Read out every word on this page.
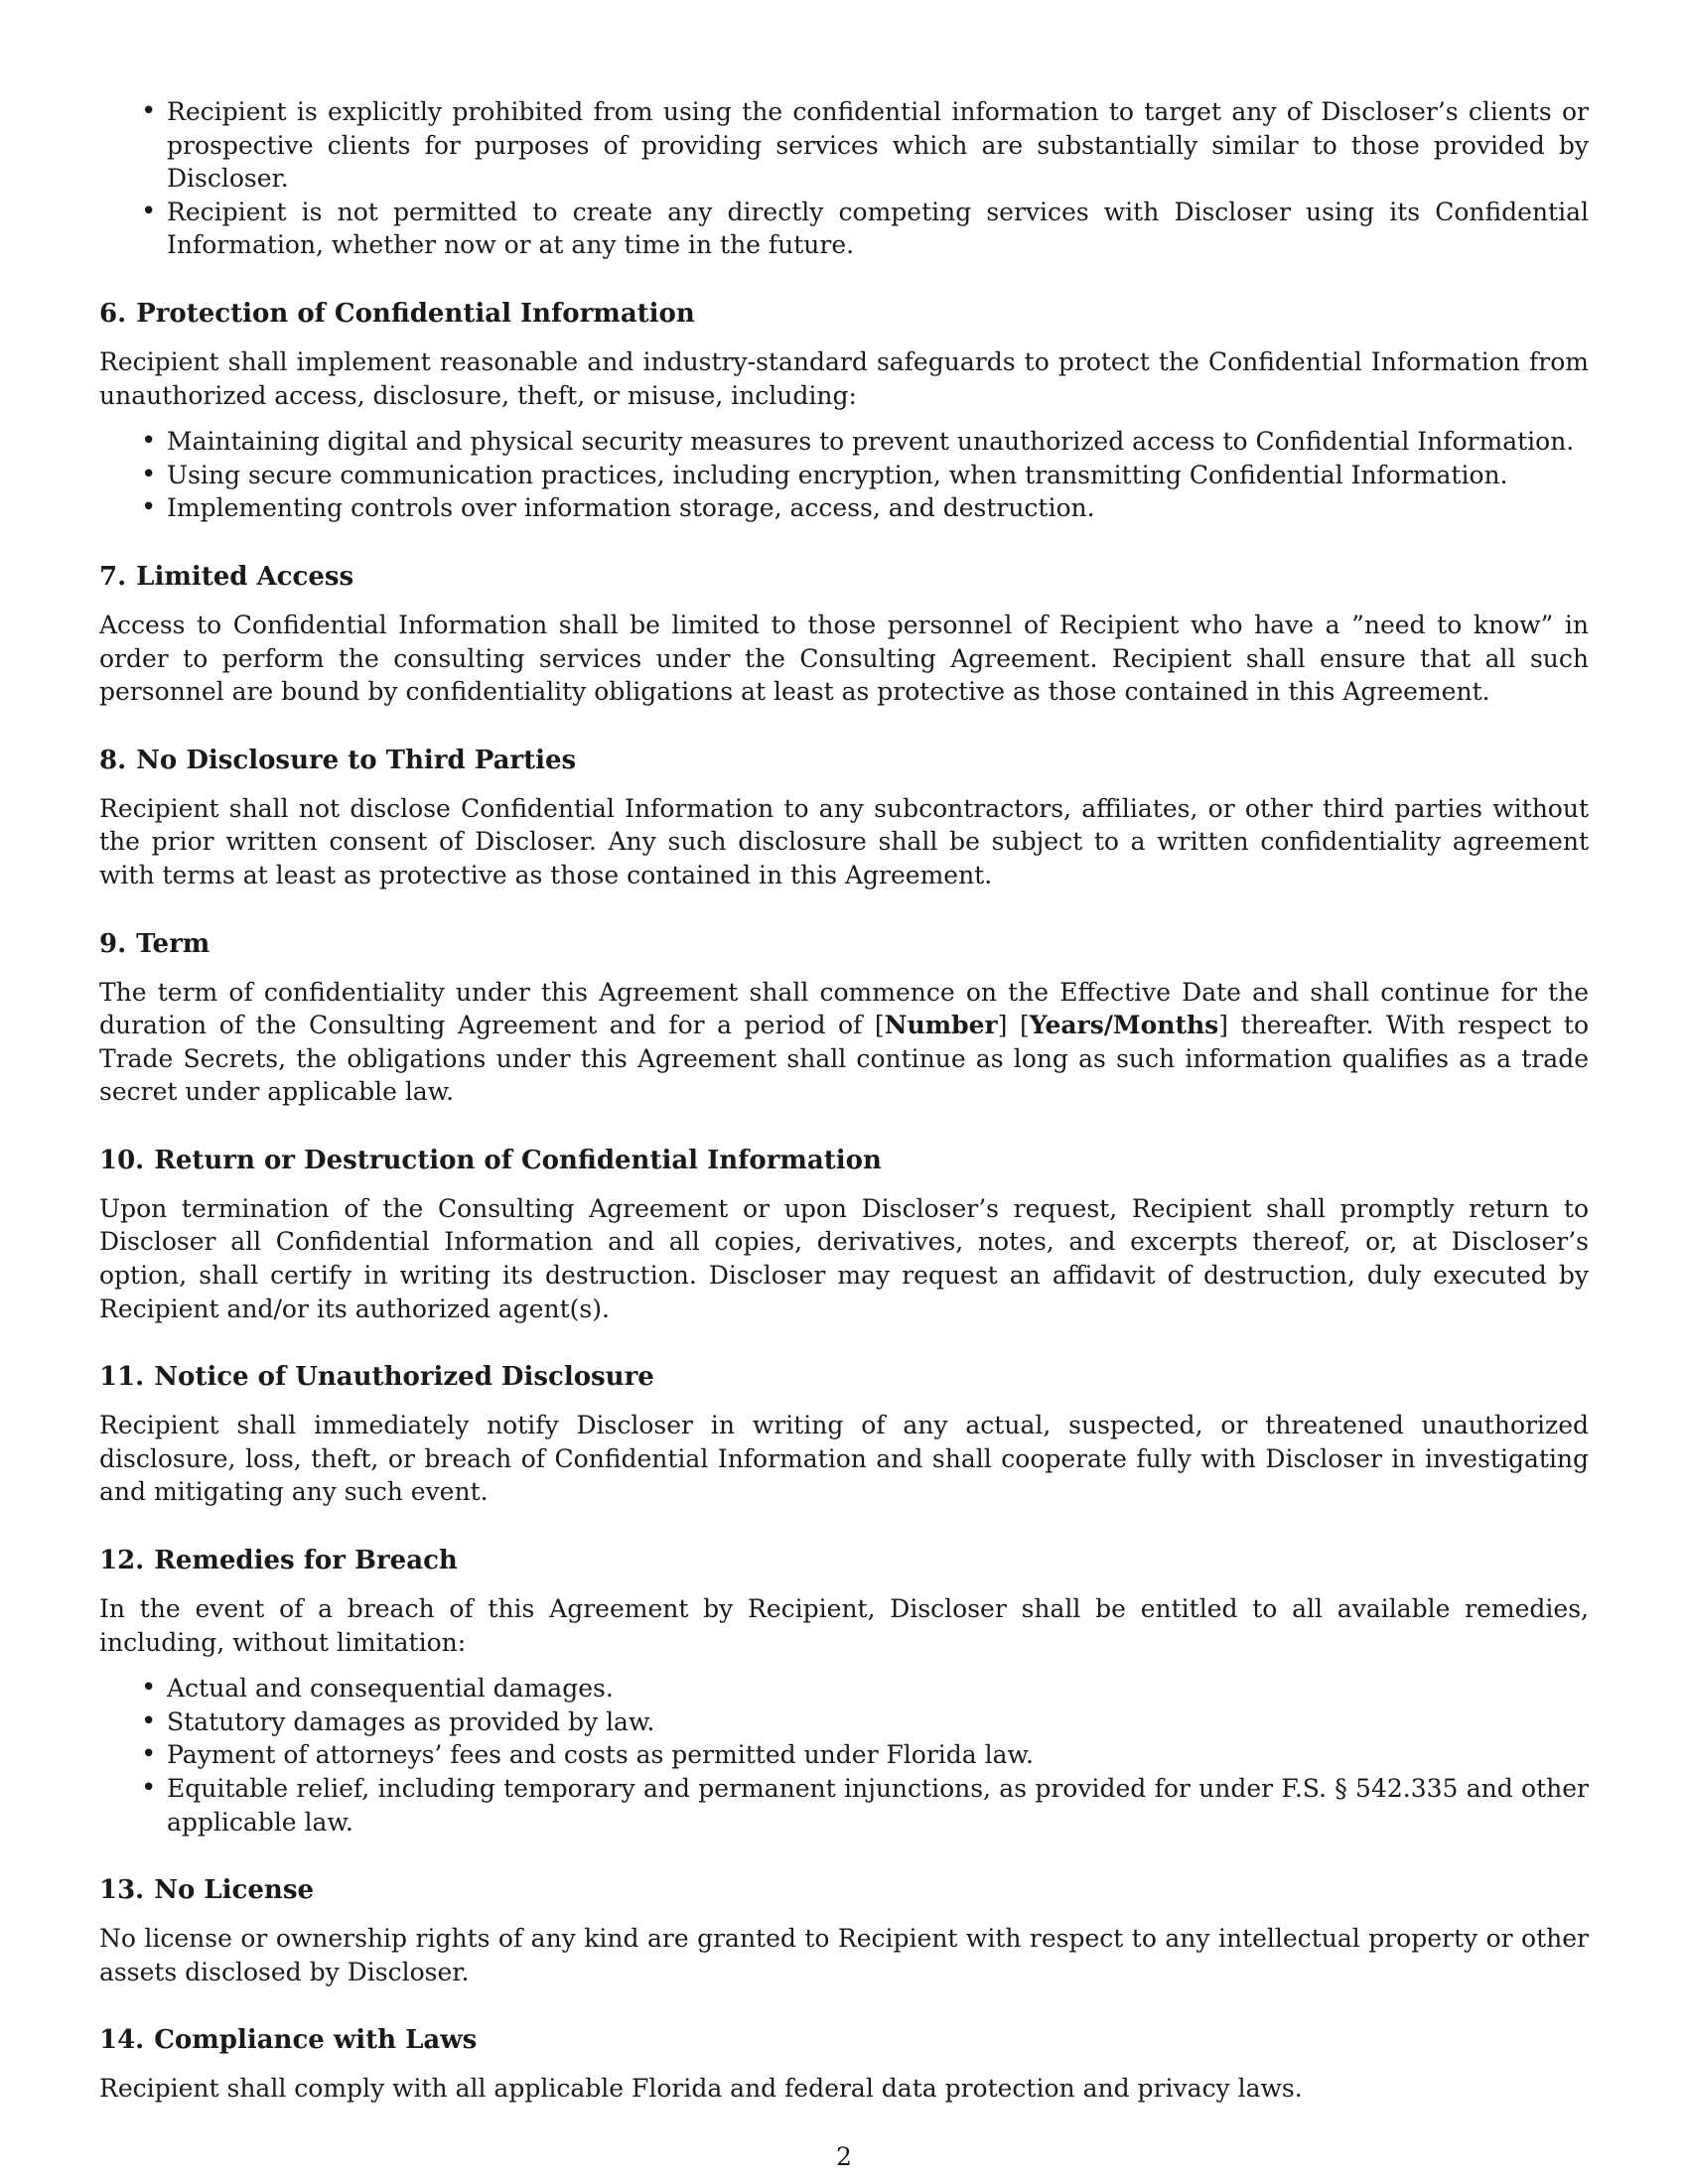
• Recipient is explicitly prohibited from using the confidential information to target any of Discloser’s clients or prospective clients for purposes of providing services which are substantially similar to those provided by Discloser.
• Recipient is not permitted to create any directly competing services with Discloser using its Confidential Information, whether now or at any time in the future.
6. Protection of Confidential Information

Recipient shall implement reasonable and industry-standard safeguards to protect the Confidential Information from unauthorized access, disclosure, theft, or misuse, including:

• Maintaining digital and physical security measures to prevent unauthorized access to Confidential Information.
• Using secure communication practices, including encryption, when transmitting Confidential Information.
• Implementing controls over information storage, access, and destruction.
7. Limited Access

Access to Confidential Information shall be limited to those personnel of Recipient who have a ”need to know” in order to perform the consulting services under the Consulting Agreement. Recipient shall ensure that all such personnel are bound by confidentiality obligations at least as protective as those contained in this Agreement.

8. No Disclosure to Third Parties

Recipient shall not disclose Confidential Information to any subcontractors, affiliates, or other third parties without the prior written consent of Discloser. Any such disclosure shall be subject to a written confidentiality agreement with terms at least as protective as those contained in this Agreement.

9. Term

The term of confidentiality under this Agreement shall commence on the Effective Date and shall continue for the duration of the Consulting Agreement and for a period of [Number] [Years/Months] thereafter. With respect to Trade Secrets, the obligations under this Agreement shall continue as long as such information qualifies as a trade secret under applicable law.

10. Return or Destruction of Confidential Information

Upon termination of the Consulting Agreement or upon Discloser’s request, Recipient shall promptly return to Discloser all Confidential Information and all copies, derivatives, notes, and excerpts thereof, or, at Discloser’s option, shall certify in writing its destruction. Discloser may request an affidavit of destruction, duly executed by Recipient and/or its authorized agent(s).

11. Notice of Unauthorized Disclosure

Recipient shall immediately notify Discloser in writing of any actual, suspected, or threatened unauthorized disclosure, loss, theft, or breach of Confidential Information and shall cooperate fully with Discloser in investigating and mitigating any such event.

12. Remedies for Breach

In the event of a breach of this Agreement by Recipient, Discloser shall be entitled to all available remedies, including, without limitation:

• Actual and consequential damages.
• Statutory damages as provided by law.
• Payment of attorneys’ fees and costs as permitted under Florida law.
• Equitable relief, including temporary and permanent injunctions, as provided for under F.S. § 542.335 and other applicable law.
13. No License

No license or ownership rights of any kind are granted to Recipient with respect to any intellectual property or other assets disclosed by Discloser.

14. Compliance with Laws

Recipient shall comply with all applicable Florida and federal data protection and privacy laws.

2
